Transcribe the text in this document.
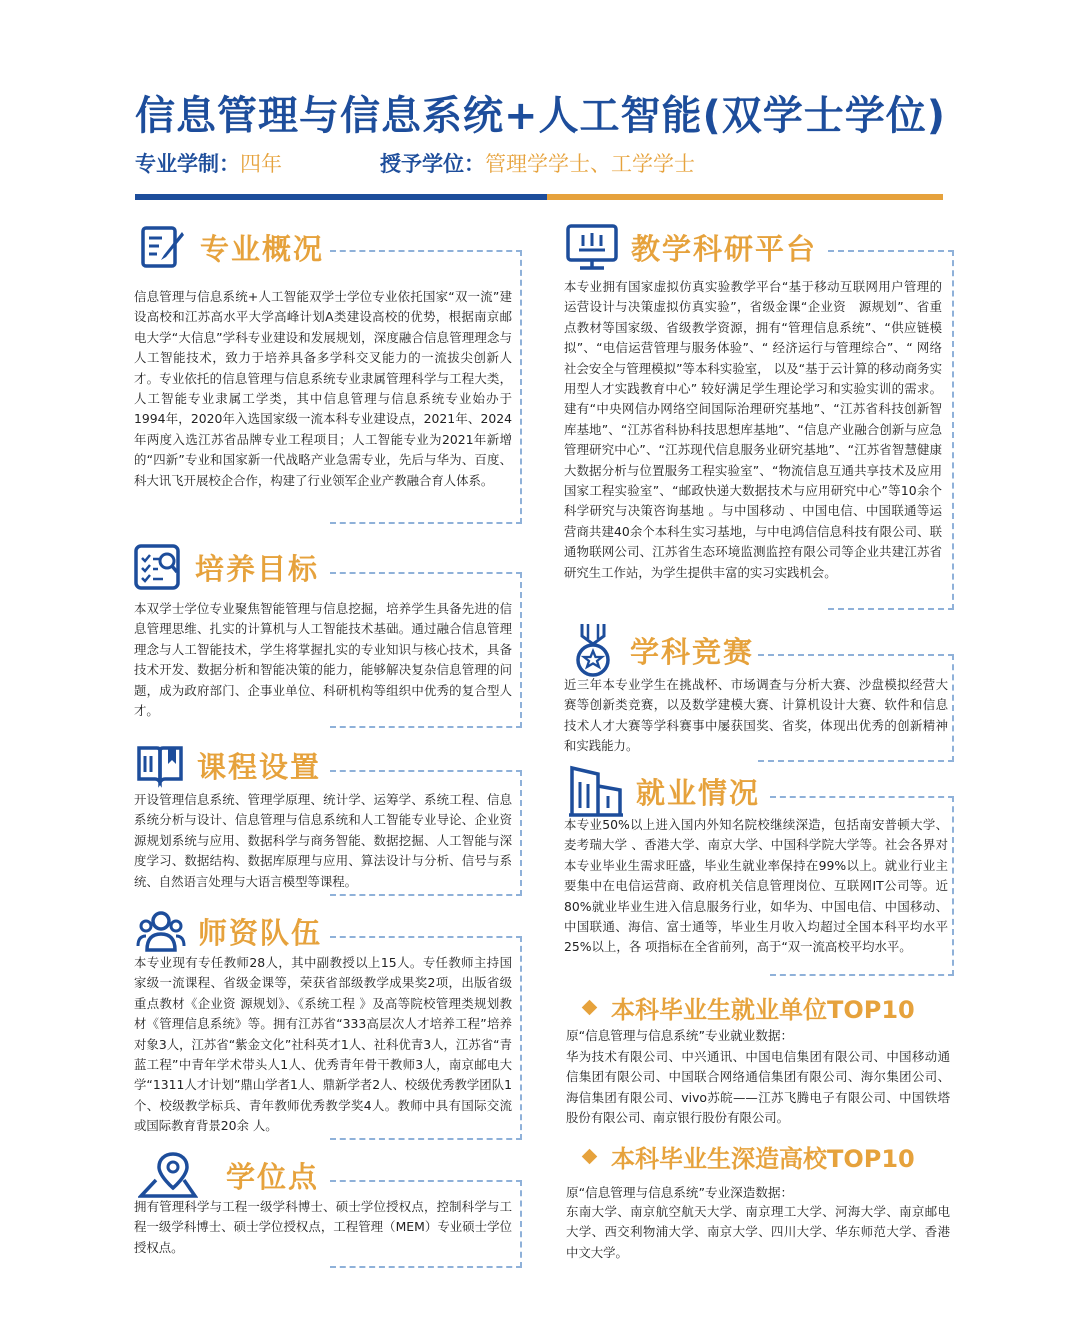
信息管理与信息系统+人工智能(双学士学位)
专业学制：四年	授予学位：管理学学士、工学学士
专业概况
信息管理与信息系统+人工智能双学士学位专业依托国家“双一流”建设高校和江苏高水平大学高峰计划A类建设高校的优势，根据南京邮电大学“大信息”学科专业建设和发展规划，深度融合信息管理理念与人工智能技术，致力于培养具备多学科交叉能力的一流拔尖创新人才。专业依托的信息管理与信息系统专业隶属管理科学与工程大类，人工智能专业隶属工学类，其中信息管理与信息系统专业始办于1994年，2020年入选国家级一流本科专业建设点，2021年、2024年两度入选江苏省品牌专业工程项目；人工智能专业为2021年新增的“四新”专业和国家新一代战略产业急需专业，先后与华为、百度、科大讯飞开展校企合作，构建了行业领军企业产教融合育人体系。
培养目标
本双学士学位专业聚焦智能管理与信息挖掘，培养学生具备先进的信息管理思维、扎实的计算机与人工智能技术基础。通过融合信息管理理念与人工智能技术，学生将掌握扎实的专业知识与核心技术，具备技术开发、数据分析和智能决策的能力，能够解决复杂信息管理的问题，成为政府部门、企事业单位、科研机构等组织中优秀的复合型人才。
课程设置
开设管理信息系统、管理学原理、统计学、运筹学、系统工程、信息系统分析与设计、信息管理与信息系统和人工智能专业导论、企业资源规划系统与应用、数据科学与商务智能、数据挖掘、人工智能与深度学习、数据结构、数据库原理与应用、算法设计与分析、信号与系统、自然语言处理与大语言模型等课程。
师资队伍
本专业现有专任教师28人，其中副教授以上15人。专任教师主持国家级一流课程、省级金课等，荣获省部级教学成果奖2项，出版省级重点教材《企业资 源规划》、《系统工程 》及高等院校管理类规划教 材《管理信息系统》等。拥有江苏省“333高层次人才培养工程”培养对象3人，江苏省“紫金文化”社科英才1人、社科优青3人，江苏省“青蓝工程”中青年学术带头人1人、优秀青年骨干教师3人，南京邮电大学“1311人才计划”鼎山学者1人、鼎新学者2人、校级优秀教学团队1个、校级教学标兵、青年教师优秀教学奖4人。教师中具有国际交流或国际教育背景20余 人。
学位点
拥有管理科学与工程一级学科博士、硕士学位授权点，控制科学与工程一级学科博士、硕士学位授权点，工程管理（MEM）专业硕士学位授权点。
教学科研平台
本专业拥有国家虚拟仿真实验教学平台“基于移动互联网用户管理的运营设计与决策虚拟仿真实验”，省级金课“企业资　源规划”、省重点教材等国家级、省级教学资源，拥有“管理信息系统”、“供应链模拟”、“电信运营管理与服务体验”、“ 经济运行与管理综合”、“ 网络社会安全与管理模拟”等本科实验室， 以及“基于云计算的移动商务实用型人才实践教育中心” 较好满足学生理论学习和实验实训的需求。建有“中央网信办网络空间国际治理研究基地”、“江苏省科技创新智库基地”、“江苏省科协科技思想库基地”、“信息产业融合创新与应急管理研究中心”、“江苏现代信息服务业研究基地”、“江苏省智慧健康大数据分析与位置服务工程实验室”、“物流信息互通共享技术及应用国家工程实验室”、“邮政快递大数据技术与应用研究中心”等10余个科学研究与决策咨询基地 。与中国移动 、中国电信、中国联通等运营商共建40余个本科生实习基地，与中电鸿信信息科技有限公司、联通物联网公司、江苏省生态环境监测监控有限公司等企业共建江苏省研究生工作站，为学生提供丰富的实习实践机会。
学科竞赛
近三年本专业学生在挑战杯、市场调查与分析大赛、沙盘模拟经营大赛等创新类竞赛，以及数学建模大赛、计算机设计大赛、软件和信息技术人才大赛等学科赛事中屡获国奖、省奖，体现出优秀的创新精神和实践能力。
就业情况
本专业50%以上进入国内外知名院校继续深造，包括南安普顿大学、麦考瑞大学 、香港大学、南京大学、中国科学院大学等。社会各界对本专业毕业生需求旺盛，毕业生就业率保持在99%以上。就业行业主要集中在电信运营商、政府机关信息管理岗位、互联网IT公司等。近80%就业毕业生进入信息服务行业，如华为、中国电信、中国移动、中国联通、海信、富士通等，毕业生月收入均超过全国本科平均水平25%以上，各 项指标在全省前列，高于“双一流高校平均水平。
本科毕业生就业单位TOP10
原“信息管理与信息系统”专业就业数据：
华为技术有限公司、中兴通讯、中国电信集团有限公司、中国移动通信集团有限公司、中国联合网络通信集团有限公司、海尔集团公司、海信集团有限公司、vivo苏皖——江苏飞腾电子有限公司、中国铁塔股份有限公司、南京银行股份有限公司。
本科毕业生深造高校TOP10
原“信息管理与信息系统”专业深造数据：
东南大学、南京航空航天大学、南京理工大学、河海大学、南京邮电大学、西交利物浦大学、南京大学、四川大学、华东师范大学、香港中文大学。
